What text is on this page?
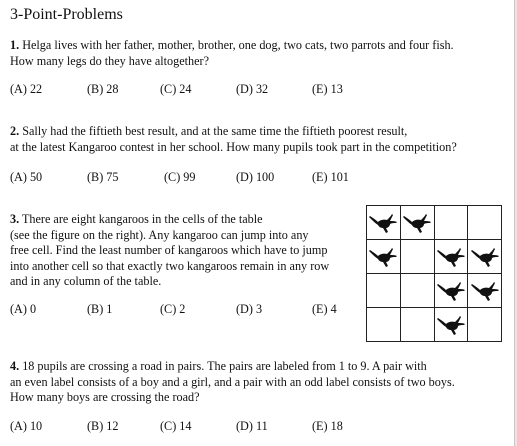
3-Point-Problems
1. Helga lives with her father, mother, brother, one dog, two cats, two parrots and four fish.
How many legs do they have altogether?
(A) 22	(B) 28	(C) 24	(D) 32	(E) 13
2. Sally had the fiftieth best result, and at the same time the fiftieth poorest result,
at the latest Kangaroo contest in her school. How many pupils took part in the competition?
(A) 50	(B) 75	(C) 99	(D) 100	(E) 101
3. There are eight kangaroos in the cells of the table
(see the figure on the right). Any kangaroo can jump into any
free cell. Find the least number of kangaroos which have to jump
into another cell so that exactly two kangaroos remain in any row
and in any column of the table.
(A) 0	(B) 1	(C) 2	(D) 3	(E) 4

4. 18 pupils are crossing a road in pairs. The pairs are labeled from 1 to 9. A pair with
an even label consists of a boy and a girl, and a pair with an odd label consists of two boys.
How many boys are crossing the road?
(A) 10	(B) 12	(C) 14	(D) 11	(E) 18
